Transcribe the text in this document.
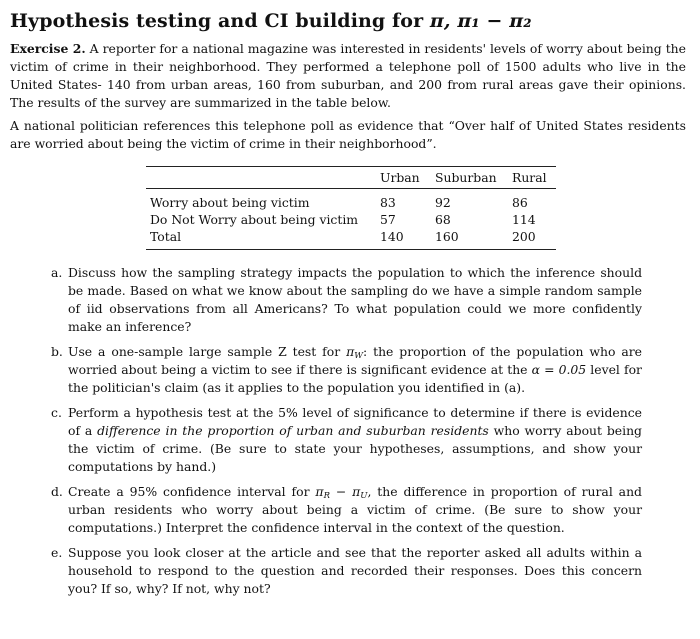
Hypothesis testing and CI building for π, π₁ − π₂

Exercise 2. A reporter for a national magazine was interested in residents' levels of worry about being the victim of crime in their neighborhood. They performed a telephone poll of 1500 adults who live in the United States- 140 from urban areas, 160 from suburban, and 200 from rural areas gave their opinions. The results of the survey are summarized in the table below.

A national politician references this telephone poll as evidence that “Over half of United States residents are worried about being the victim of crime in their neighborhood”.

	Urban	Suburban	Rural
Worry about being victim	83	92	86
Do Not Worry about being victim	57	68	114
Total	140	160	200
a. Discuss how the sampling strategy impacts the population to which the inference should be made. Based on what we know about the sampling do we have a simple random sample of iid observations from all Americans? To what population could we more confidently make an inference?
b. Use a one-sample large sample Z test for $\pi_W$: the proportion of the population who are worried about being a victim to see if there is significant evidence at the α = 0.05 level for the politician's claim (as it applies to the population you identified in (a).
c. Perform a hypothesis test at the 5% level of significance to determine if there is evidence of a difference in the proportion of urban and suburban residents who worry about being the victim of crime. (Be sure to state your hypotheses, assumptions, and show your computations by hand.)
d. Create a 95% confidence interval for $\pi_R - \pi_U$, the difference in proportion of rural and urban residents who worry about being a victim of crime. (Be sure to show your computations.) Interpret the confidence interval in the context of the question.
e. Suppose you look closer at the article and see that the reporter asked all adults within a household to respond to the question and recorded their responses. Does this concern you? If so, why? If not, why not?
